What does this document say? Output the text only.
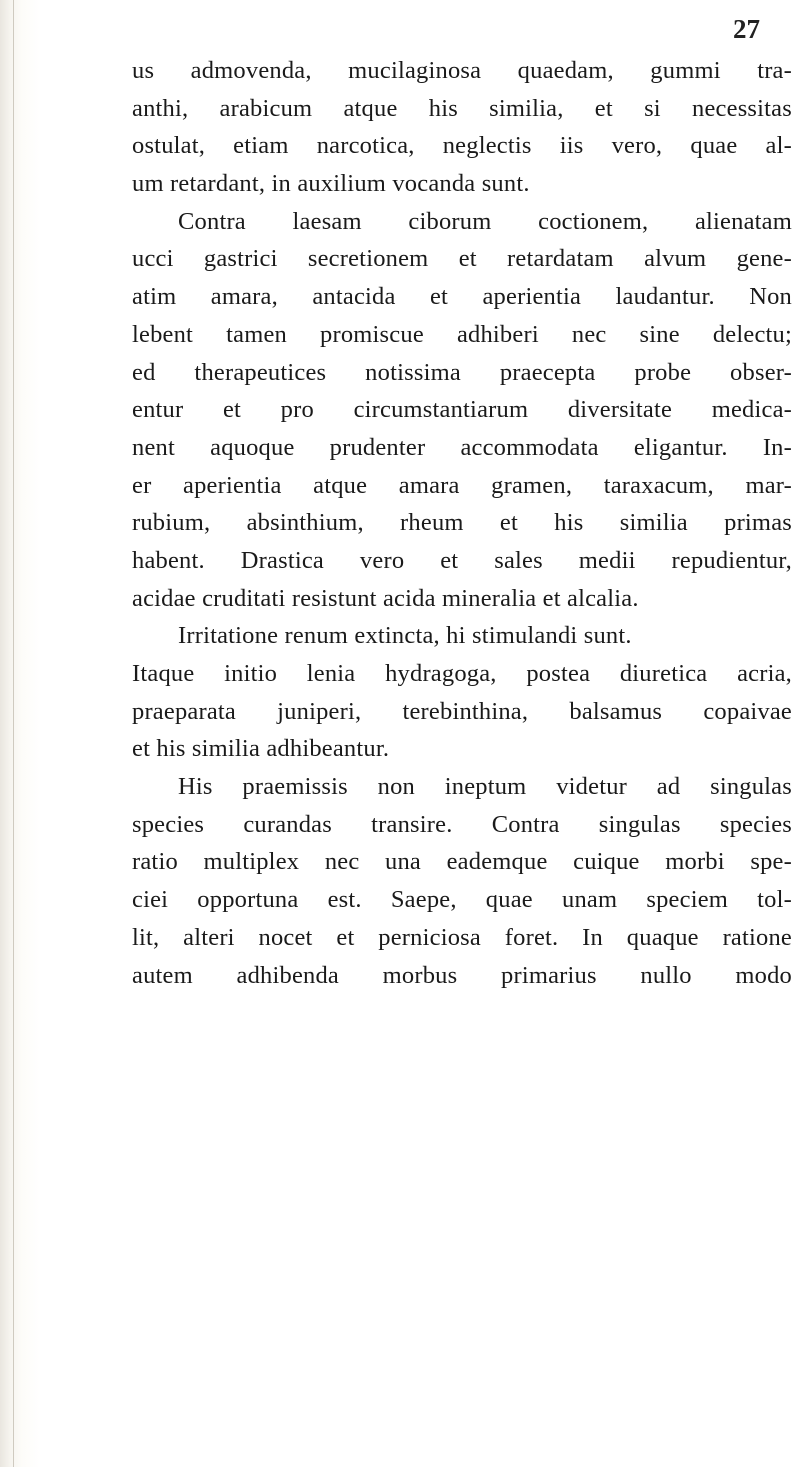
27
us admovenda, mucilaginosa quaedam, gummi tra-
anthi, arabicum atque his similia, et si necessitas
ostulat, etiam narcotica, neglectis iis vero, quae al-
um retardant, in auxilium vocanda sunt.
Contra laesam ciborum coctionem, alienatam
ucci gastrici secretionem et retardatam alvum gene-
atim amara, antacida et aperientia laudantur. Non
lebent tamen promiscue adhiberi nec sine delectu;
ed therapeutices notissima praecepta probe obser-
entur et pro circumstantiarum diversitate medica-
nent aquoque prudenter accommodata eligantur. In-
er aperientia atque amara gramen, taraxacum, mar-
rubium, absinthium, rheum et his similia primas
habent. Drastica vero et sales medii repudientur,
acidae cruditati resistunt acida mineralia et alcalia.
Irritatione renum extincta, hi stimulandi sunt.
Itaque initio lenia hydragoga, postea diuretica acria,
praeparata juniperi, terebinthina, balsamus copaivae
et his similia adhibeantur.
His praemissis non ineptum videtur ad singulas
species curandas transire. Contra singulas species
ratio multiplex nec una eademque cuique morbi spe-
ciei opportuna est. Saepe, quae unam speciem tol-
lit, alteri nocet et perniciosa foret. In quaque ratione
autem adhibenda morbus primarius nullo modo
